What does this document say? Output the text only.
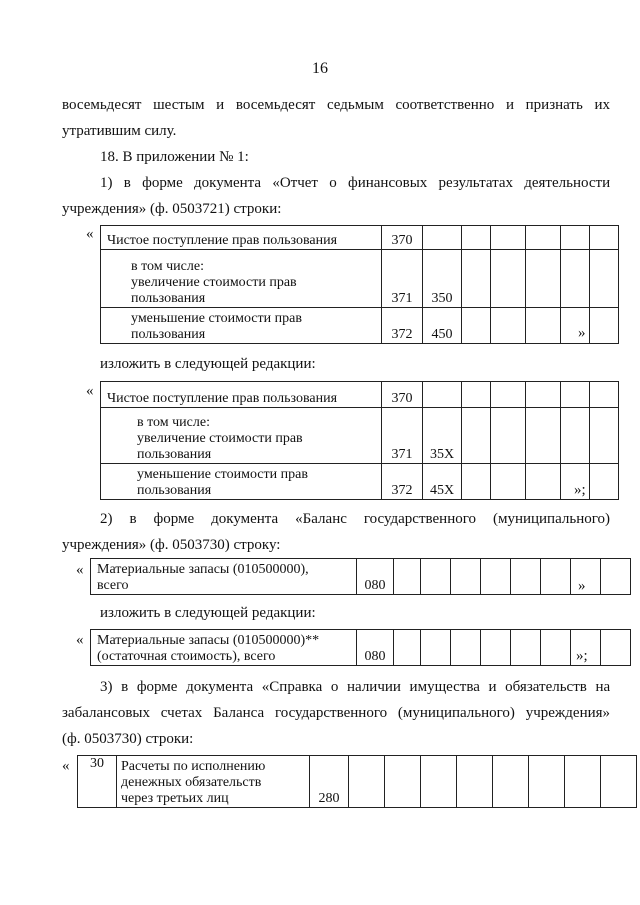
16
восемьдесят шестым и восемьдесят седьмым соответственно и признать их
утратившим силу.
18. В приложении № 1:
1) в форме документа «Отчет о финансовых результатах деятельности
учреждения» (ф. 0503721) строки:
« Чистое поступление прав пользования	370						

в том числе:
увеличение стоимости прав
пользования	371	350					

уменьшение стоимости прав
пользования	372	450						»
изложить в следующей редакции:
« Чистое поступление прав пользования	370						

в том числе:
увеличение стоимости прав
пользования	371	35X					

уменьшение стоимости прав
пользования	372	45X						»;
2) в форме документа «Баланс государственного (муниципального)
учреждения» (ф. 0503730) строку:
« Материальные запасы (010500000),
всего	080									»
изложить в следующей редакции:
« Материальные запасы (010500000)**
(остаточная стоимость), всего	080									»;
3) в форме документа «Справка о наличии имущества и обязательств на
забалансовых счетах Баланса государственного (муниципального) учреждения»
(ф. 0503730) строки:
« 30	Расчеты по исполнению
денежных обязательств
через третьих лиц	280								
